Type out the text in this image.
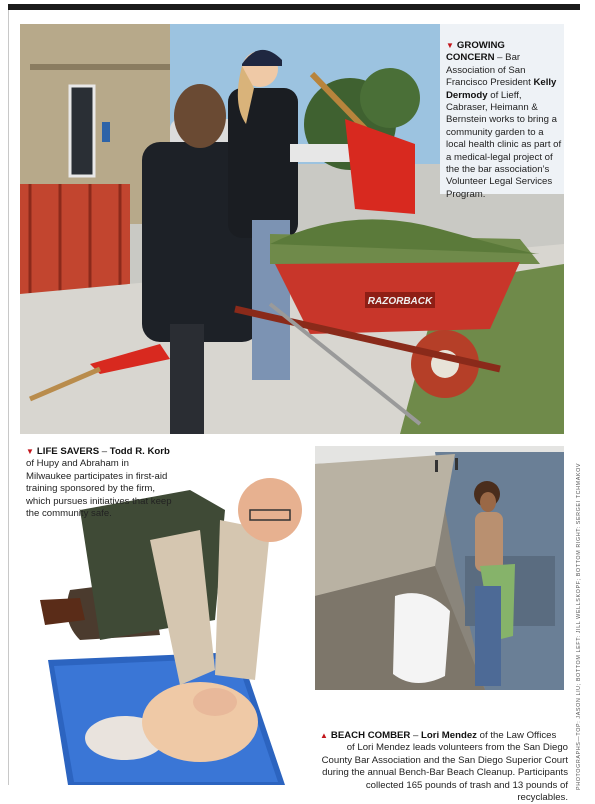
RAZORBACK
▼ GROWING
CONCERN – Bar Association of San Francisco President Kelly Dermody of Lieff, Cabraser, Heimann & Bernstein works to bring a community garden to a local health clinic as part of a medical-legal project of the the bar association’s Volunteer Legal Services Program.
▼ LIFE SAVERS – Todd R. Korb
of Hupy and Abraham in Milwaukee participates in first-aid training sponsored by the firm, which pursues initiatives that keep the community safe.
▲ BEACH COMBER – Lori Mendez of the Law Offices
of Lori Mendez leads volunteers from the San Diego County Bar Association and the San Diego Superior Court during the annual Bench-Bar Beach Cleanup. Participants collected 165 pounds of trash and 13 pounds of recyclables.
PHOTOGRAPHS—TOP: JASON LIU; BOTTOM LEFT: JILL WELLSKOPF; BOTTOM RIGHT: SERGEI TCHMAKOV
